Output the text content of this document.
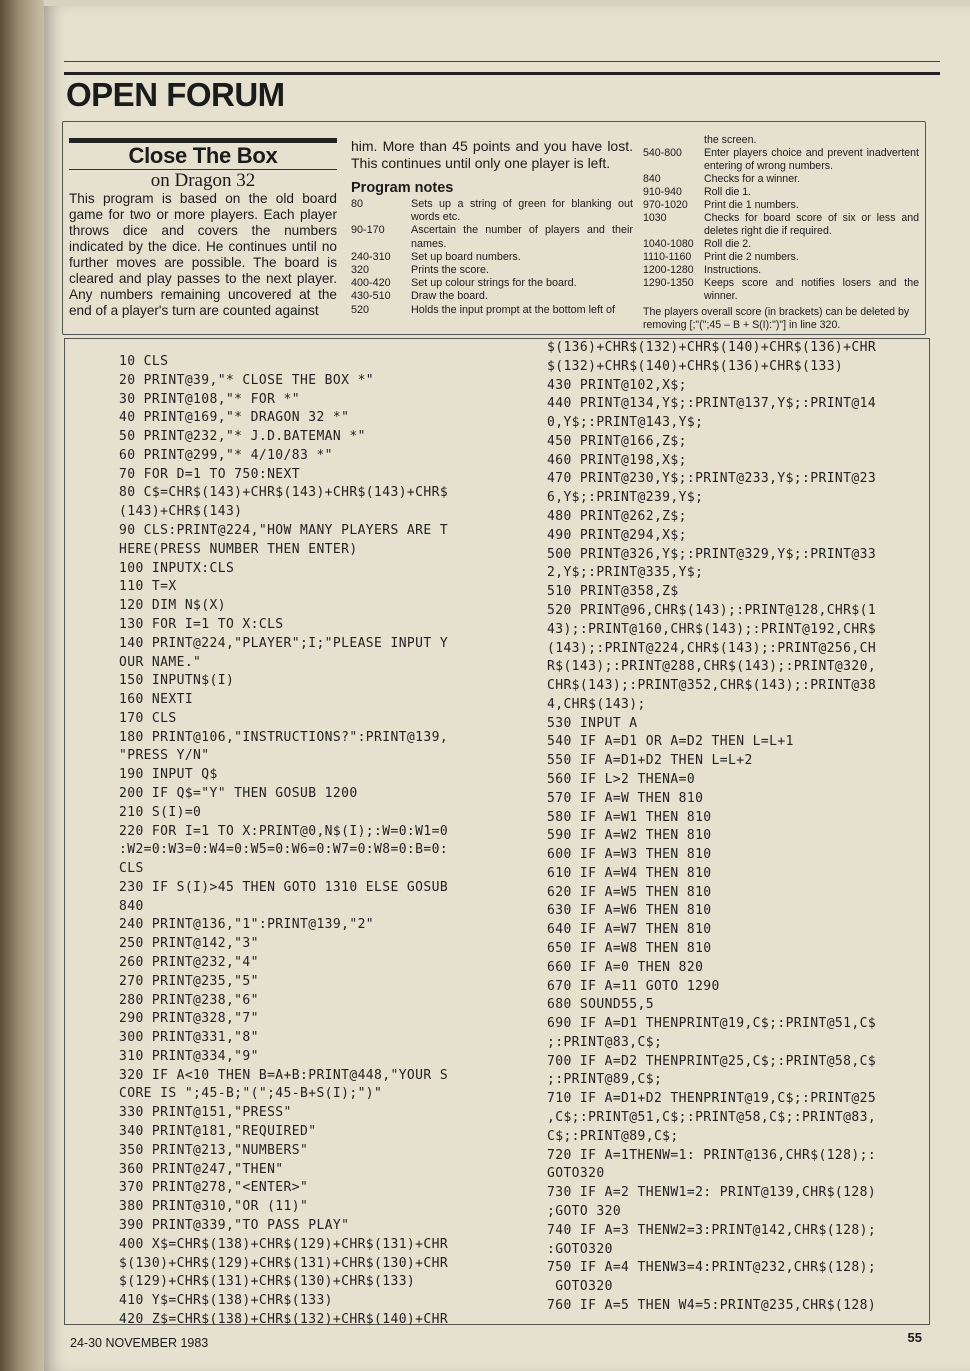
OPEN FORUM
Close The Box
on Dragon 32

This program is based on the old board game for two or more players. Each player throws dice and covers the numbers indicated by the dice. He continues until no further moves are possible. The board is cleared and play passes to the next player. Any numbers remaining uncovered at the end of a player's turn are counted against

him. More than 45 points and you have lost. This continues until only one player is left.

Program notes
80	Sets up a string of green for blanking out words etc.
90-170	Ascertain the number of players and their names.
240-310	Set up board numbers.
320	Prints the score.
400-420	Set up colour strings for the board.
430-510	Draw the board.
520	Holds the input prompt at the bottom left of
the screen.
540-800	Enter players choice and prevent inadvertent entering of wrong numbers.
840	Checks for a winner.
910-940	Roll die 1.
970-1020	Print die 1 numbers.
1030	Checks for board score of six or less and deletes right die if required.
1040-1080 Roll die 2.
1110-1160	Print die 2 numbers.
1200-1280 Instructions.
1290-1350 Keeps score and notifies losers and the winner.
The players overall score (in brackets) can be deleted by removing [;"(";45 – B + S(I):")"] in line 320.
10 CLS
20 PRINT@39,"* CLOSE THE BOX *"
30 PRINT@108,"* FOR *"
40 PRINT@169,"* DRAGON 32 *"
50 PRINT@232,"* J.D.BATEMAN *"
60 PRINT@299,"* 4/10/83 *"
70 FOR D=1 TO 750:NEXT
80 C$=CHR$(143)+CHR$(143)+CHR$(143)+CHR$
(143)+CHR$(143)
90 CLS:PRINT@224,"HOW MANY PLAYERS ARE T
HERE(PRESS NUMBER THEN ENTER)
100 INPUTX:CLS
110 T=X
120 DIM N$(X)
130 FOR I=1 TO X:CLS
140 PRINT@224,"PLAYER";I;"PLEASE INPUT Y
OUR NAME."
150 INPUTN$(I)
160 NEXTI
170 CLS
180 PRINT@106,"INSTRUCTIONS?":PRINT@139,
"PRESS Y/N"
190 INPUT Q$
200 IF Q$="Y" THEN GOSUB 1200
210 S(I)=0
220 FOR I=1 TO X:PRINT@0,N$(I);:W=0:W1=0
:W2=0:W3=0:W4=0:W5=0:W6=0:W7=0:W8=0:B=0:
CLS
230 IF S(I)>45 THEN GOTO 1310 ELSE GOSUB
840
240 PRINT@136,"1":PRINT@139,"2"
250 PRINT@142,"3"
260 PRINT@232,"4"
270 PRINT@235,"5"
280 PRINT@238,"6"
290 PRINT@328,"7"
300 PRINT@331,"8"
310 PRINT@334,"9"
320 IF A<10 THEN B=A+B:PRINT@448,"YOUR S
CORE IS ";45-B;"(";45-B+S(I);")"
330 PRINT@151,"PRESS"
340 PRINT@181,"REQUIRED"
350 PRINT@213,"NUMBERS"
360 PRINT@247,"THEN"
370 PRINT@278,"<ENTER>"
380 PRINT@310,"OR (11)"
390 PRINT@339,"TO PASS PLAY"
400 X$=CHR$(138)+CHR$(129)+CHR$(131)+CHR
$(130)+CHR$(129)+CHR$(131)+CHR$(130)+CHR
$(129)+CHR$(131)+CHR$(130)+CHR$(133)
410 Y$=CHR$(138)+CHR$(133)
420 Z$=CHR$(138)+CHR$(132)+CHR$(140)+CHR
$(136)+CHR$(132)+CHR$(140)+CHR$(136)+CHR
$(132)+CHR$(140)+CHR$(136)+CHR$(133)
430 PRINT@102,X$;
440 PRINT@134,Y$;:PRINT@137,Y$;:PRINT@14
0,Y$;:PRINT@143,Y$;
450 PRINT@166,Z$;
460 PRINT@198,X$;
470 PRINT@230,Y$;:PRINT@233,Y$;:PRINT@23
6,Y$;:PRINT@239,Y$;
480 PRINT@262,Z$;
490 PRINT@294,X$;
500 PRINT@326,Y$;:PRINT@329,Y$;:PRINT@33
2,Y$;:PRINT@335,Y$;
510 PRINT@358,Z$
520 PRINT@96,CHR$(143);:PRINT@128,CHR$(1
43);:PRINT@160,CHR$(143);:PRINT@192,CHR$
(143);:PRINT@224,CHR$(143);:PRINT@256,CH
R$(143);:PRINT@288,CHR$(143);:PRINT@320,
CHR$(143);:PRINT@352,CHR$(143);:PRINT@38
4,CHR$(143);
530 INPUT A
540 IF A=D1 OR A=D2 THEN L=L+1
550 IF A=D1+D2 THEN L=L+2
560 IF L>2 THENA=0
570 IF A=W THEN 810
580 IF A=W1 THEN 810
590 IF A=W2 THEN 810
600 IF A=W3 THEN 810
610 IF A=W4 THEN 810
620 IF A=W5 THEN 810
630 IF A=W6 THEN 810
640 IF A=W7 THEN 810
650 IF A=W8 THEN 810
660 IF A=0 THEN 820
670 IF A=11 GOTO 1290
680 SOUND55,5
690 IF A=D1 THENPRINT@19,C$;:PRINT@51,C$
;:PRINT@83,C$;
700 IF A=D2 THENPRINT@25,C$;:PRINT@58,C$
;:PRINT@89,C$;
710 IF A=D1+D2 THENPRINT@19,C$;:PRINT@25
,C$;:PRINT@51,C$;:PRINT@58,C$;:PRINT@83,
C$;:PRINT@89,C$;
720 IF A=1THENW=1: PRINT@136,CHR$(128);:
GOTO320
730 IF A=2 THENW1=2: PRINT@139,CHR$(128)
;GOTO 320
740 IF A=3 THENW2=3:PRINT@142,CHR$(128);
:GOTO320
750 IF A=4 THENW3=4:PRINT@232,CHR$(128);
GOTO320
760 IF A=5 THEN W4=5:PRINT@235,CHR$(128)
24-30 NOVEMBER 1983	55
